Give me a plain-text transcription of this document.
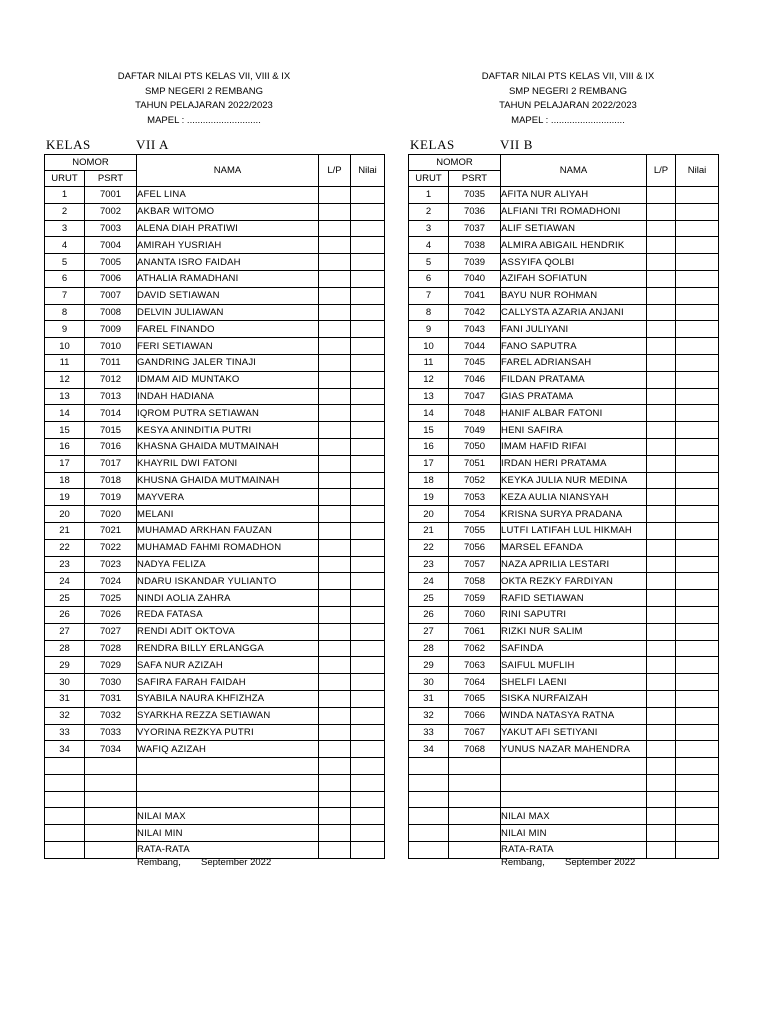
DAFTAR NILAI PTS KELAS VII, VIII & IX
SMP NEGERI 2 REMBANG
TAHUN PELAJARAN 2022/2023
MAPEL : ............................
KELAS	VII A
NOMOR		NAMA	L/P	Nilai
URUT	PSRT			
1	7001	AFEL LINA		
2	7002	AKBAR WITOMO		
3	7003	ALENA DIAH PRATIWI		
4	7004	AMIRAH YUSRIAH		
5	7005	ANANTA ISRO FAIDAH		
6	7006	ATHALIA RAMADHANI		
7	7007	DAVID SETIAWAN		
8	7008	DELVIN JULIAWAN		
9	7009	FAREL FINANDO		
10	7010	FERI SETIAWAN		
11	7011	GANDRING JALER TINAJI		
12	7012	IDMAM AID MUNTAKO		
13	7013	INDAH HADIANA		
14	7014	IQROM PUTRA SETIAWAN		
15	7015	KESYA ANINDITIA PUTRI		
16	7016	KHASNA GHAIDA MUTMAINAH		
17	7017	KHAYRIL DWI FATONI		
18	7018	KHUSNA GHAIDA MUTMAINAH		
19	7019	MAYVERA		
20	7020	MELANI		
21	7021	MUHAMAD ARKHAN FAUZAN		
22	7022	MUHAMAD FAHMI ROMADHON		
23	7023	NADYA FELIZA		
24	7024	NDARU ISKANDAR YULIANTO		
25	7025	NINDI AOLIA ZAHRA		
26	7026	REDA FATASA		
27	7027	RENDI ADIT OKTOVA		
28	7028	RENDRA BILLY ERLANGGA		
29	7029	SAFA NUR AZIZAH		
30	7030	SAFIRA FARAH FAIDAH		
31	7031	SYABILA NAURA KHFIZHZA		
32	7032	SYARKHA REZZA SETIAWAN		
33	7033	VYORINA REZKYA PUTRI		
34	7034	WAFIQ AZIZAH		

		NILAI MAX		
		NILAI MIN		
		RATA-RATA		
Rembang, September 2022
DAFTAR NILAI PTS KELAS VII, VIII & IX
SMP NEGERI 2 REMBANG
TAHUN PELAJARAN 2022/2023
MAPEL : ............................
KELAS	VII B
NOMOR		NAMA	L/P	Nilai
URUT	PSRT			
1	7035	AFITA NUR ALIYAH		
2	7036	ALFIANI TRI ROMADHONI		
3	7037	ALIF SETIAWAN		
4	7038	ALMIRA ABIGAIL HENDRIK		
5	7039	ASSYIFA QOLBI		
6	7040	AZIFAH SOFIATUN		
7	7041	BAYU NUR ROHMAN		
8	7042	CALLYSTA AZARIA ANJANI		
9	7043	FANI JULIYANI		
10	7044	FANO SAPUTRA		
11	7045	FAREL ADRIANSAH		
12	7046	FILDAN PRATAMA		
13	7047	GIAS PRATAMA		
14	7048	HANIF ALBAR FATONI		
15	7049	HENI SAFIRA		
16	7050	IMAM HAFID RIFAI		
17	7051	IRDAN HERI PRATAMA		
18	7052	KEYKA JULIA NUR MEDINA		
19	7053	KEZA AULIA NIANSYAH		
20	7054	KRISNA SURYA PRADANA		
21	7055	LUTFI LATIFAH LUL HIKMAH		
22	7056	MARSEL EFANDA		
23	7057	NAZA APRILIA LESTARI		
24	7058	OKTA REZKY FARDIYAN		
25	7059	RAFID SETIAWAN		
26	7060	RINI SAPUTRI		
27	7061	RIZKI NUR SALIM		
28	7062	SAFINDA		
29	7063	SAIFUL MUFLIH		
30	7064	SHELFI LAENI		
31	7065	SISKA NURFAIZAH		
32	7066	WINDA NATASYA RATNA		
33	7067	YAKUT AFI SETIYANI		
34	7068	YUNUS NAZAR MAHENDRA		

		NILAI MAX		
		NILAI MIN		
		RATA-RATA		
Rembang, September 2022
